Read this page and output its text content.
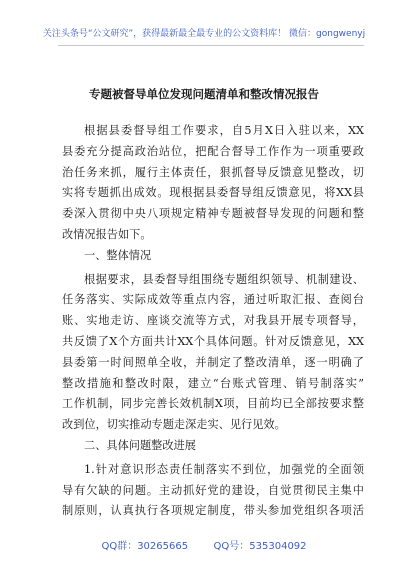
关注头条号“公文研究”，获得最新最全最专业的公文资料库！ 微信：gongwenyj
专题被督导单位发现问题清单和整改情况报告
根据县委督导组工作要求，自5月X日入驻以来，XX
县委充分提高政治站位，把配合督导工作作为一项重要政
治任务来抓，履行主体责任，狠抓督导反馈意见整改，切
实将专题抓出成效。现根据县委督导组反馈意见，将XX县
委深入贯彻中央八项规定精神专题被督导发现的问题和整
改情况报告如下。
一、整体情况
根据要求，县委督导组围绕专题组织领导、机制建设、
任务落实、实际成效等重点内容，通过听取汇报、查阅台
账、实地走访、座谈交流等方式，对我县开展专项督导，
共反馈了X个方面共计XX个具体问题。针对反馈意见，XX
县委第一时间照单全收，并制定了整改清单，逐一明确了
整改措施和整改时限，建立“台账式管理、销号制落实”
工作机制，同步完善长效机制X项，目前均已全部按要求整
改到位，切实推动专题走深走实、见行见效。
二、具体问题整改进展
1.针对意识形态责任制落实不到位，加强党的全面领
导有欠缺的问题。主动抓好党的建设，自觉贯彻民主集中
制原则，认真执行各项规定制度，带头参加党组织各项活
QQ群：30265665        QQ号：535304092
